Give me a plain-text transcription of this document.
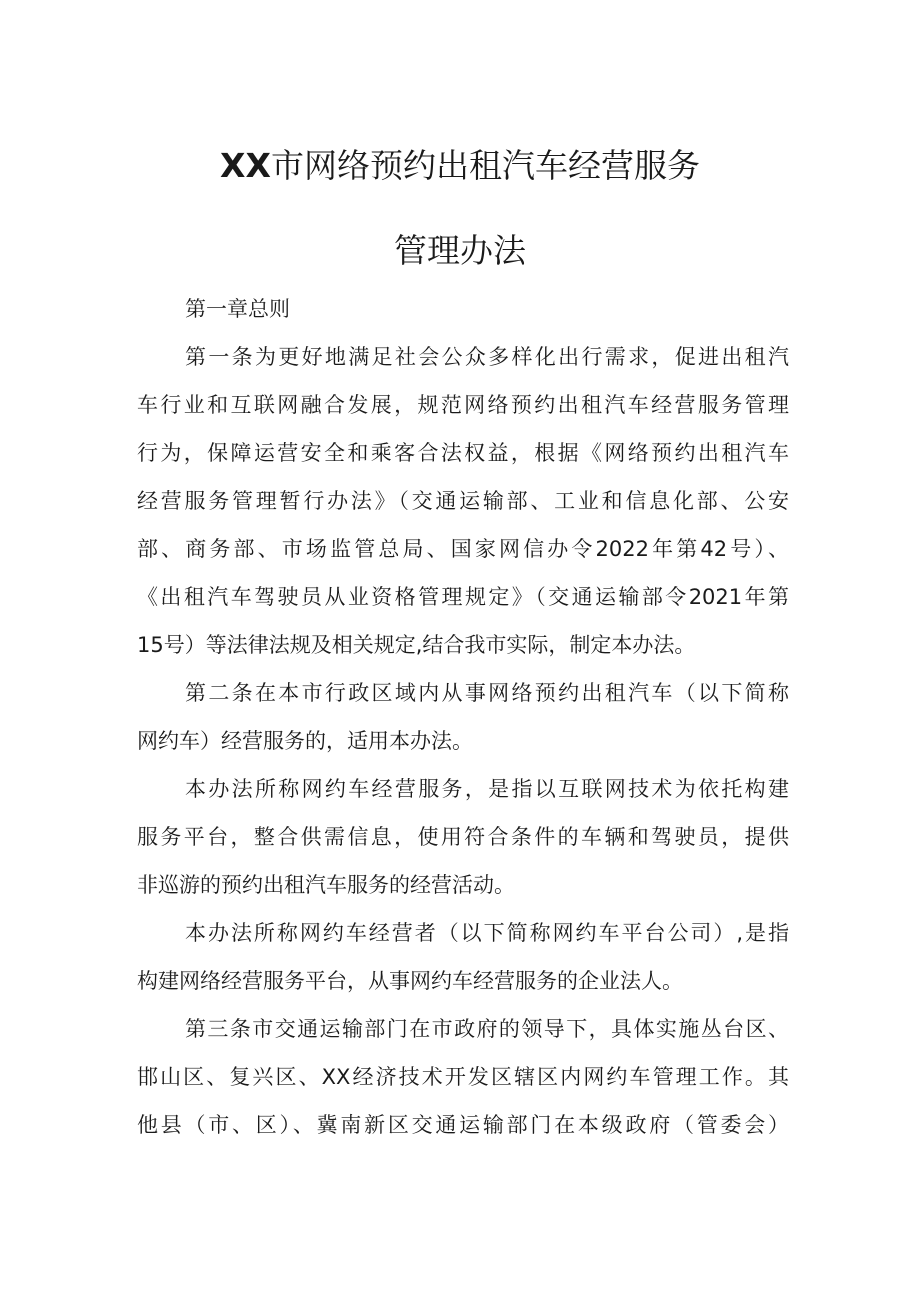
XX市网络预约出租汽车经营服务
管理办法
第一章总则
第一条为更好地满足社会公众多样化出行需求，促进出租汽
车行业和互联网融合发展，规范网络预约出租汽车经营服务管理
行为，保障运营安全和乘客合法权益，根据《网络预约出租汽车
经营服务管理暂行办法》（交通运输部、工业和信息化部、公安
部、商务部、市场监管总局、国家网信办令2022年第42号）、
《出租汽车驾驶员从业资格管理规定》（交通运输部令2021年第
15号）等法律法规及相关规定,结合我市实际，制定本办法。
第二条在本市行政区域内从事网络预约出租汽车（以下简称
网约车）经营服务的，适用本办法。
本办法所称网约车经营服务，是指以互联网技术为依托构建
服务平台，整合供需信息，使用符合条件的车辆和驾驶员，提供
非巡游的预约出租汽车服务的经营活动。
本办法所称网约车经营者（以下简称网约车平台公司）,是指
构建网络经营服务平台，从事网约车经营服务的企业法人。
第三条市交通运输部门在市政府的领导下，具体实施丛台区、
邯山区、复兴区、XX经济技术开发区辖区内网约车管理工作。其
他县（市、区）、冀南新区交通运输部门在本级政府（管委会）
